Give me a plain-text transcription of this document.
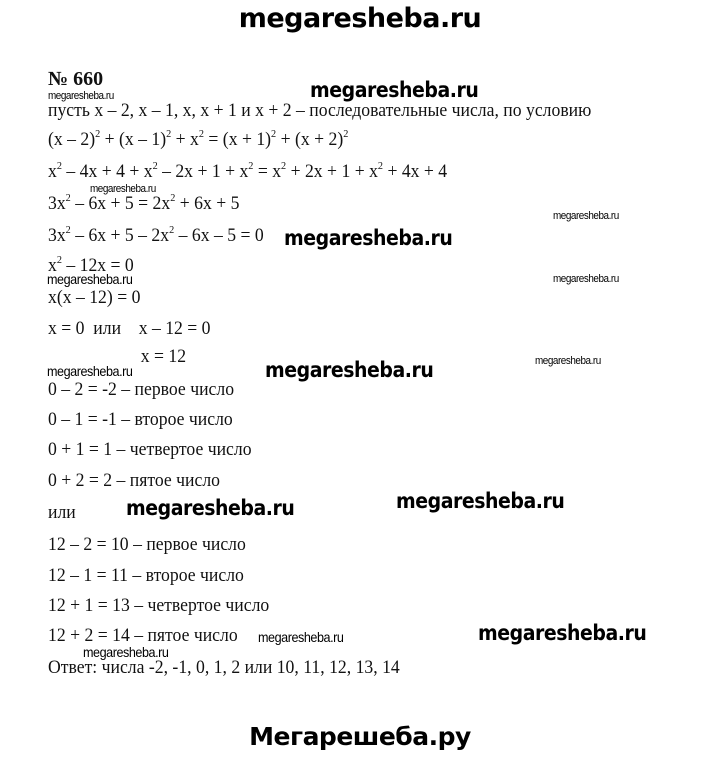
megaresheba.ru
№ 660
пусть x – 2, x – 1, x, x + 1 и x + 2 – последовательные числа, по условию
$(x - 2)^2 + (x - 1)^2 + x^2 = (x + 1)^2 + (x + 2)^2$
$x^2 - 4x + 4 + x^2 - 2x + 1 + x^2 = x^2 + 2x + 1 + x^2 + 4x + 4$
$3x^2 - 6x + 5 = 2x^2 + 6x + 5$
$3x^2 - 6x + 5 - 2x^2 - 6x - 5 = 0$
$x^2 - 12x = 0$
x(x – 12) = 0
x = 0  или    x – 12 = 0
x = 12
0 – 2 = -2 – первое число
0 – 1 = -1 – второе число
0 + 1 = 1 – четвертое число
0 + 2 = 2 – пятое число
или
12 – 2 = 10 – первое число
12 – 1 = 11 – второе число
12 + 1 = 13 – четвертое число
12 + 2 = 14 – пятое число
Ответ: числа -2, -1, 0, 1, 2 или 10, 11, 12, 13, 14
megaresheba.ru
megaresheba.ru
megaresheba.ru
megaresheba.ru	megaresheba.ru
megaresheba.ru
megaresheba.ru
megaresheba.ru
megaresheba.ru
megaresheba.ru
megaresheba.ru
megaresheba.ru
megaresheba.ru
megaresheba.ru
megaresheba.ru
Мегарешеба.ру
